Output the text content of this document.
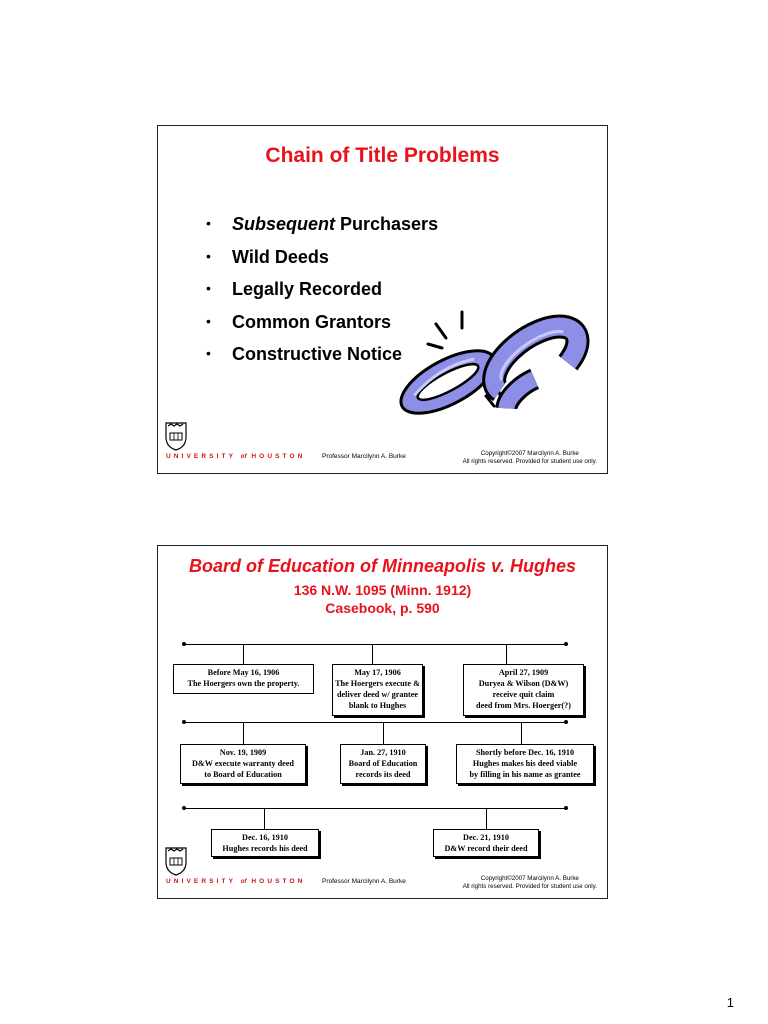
Chain of Title Problems
• Subsequent Purchasers
• Wild Deeds
• Legally Recorded
• Common Grantors
• Constructive Notice
UNIVERSITY of HOUSTON	Professor Marcilynn A. Burke	Copyright©2007 Marcilynn A. Burke
All rights reserved. Provided for student use only.
Board of Education of Minneapolis v. Hughes
136 N.W. 1095 (Minn. 1912)
Casebook, p. 590
Before May 16, 1906
The Hoergers own the property.
May 17, 1906
The Hoergers execute &
deliver deed w/ grantee
blank to Hughes
April 27, 1909
Duryea & Wilson (D&W)
receive quit claim
deed from Mrs. Hoerger(?)
Nov. 19, 1909
D&W execute warranty deed
to Board of Education
Jan. 27, 1910
Board of Education
records its deed
Shortly before Dec. 16, 1910
Hughes makes his deed viable
by filling in his name as grantee
Dec. 16, 1910
Hughes records his deed
Dec. 21, 1910
D&W record their deed
UNIVERSITY of HOUSTON	Professor Marcilynn A. Burke	Copyright©2007 Marcilynn A. Burke
All rights reserved. Provided for student use only.
1
